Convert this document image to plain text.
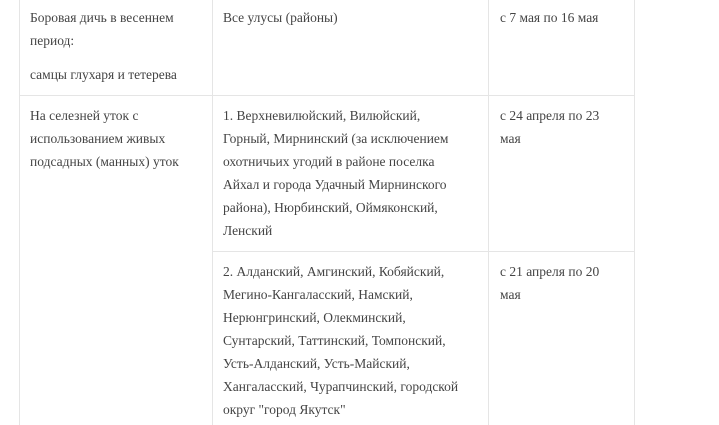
Боровая дичь в весеннем
период:
самцы глухаря и тетерева
Все улусы (районы)	с 7 мая по 16 мая
На селезней уток с
использованием живых
подсадных (манных) уток
1. Верхневилюйский, Вилюйский,
Горный, Мирнинский (за исключением
охотничьих угодий в районе поселка
Айхал и города Удачный Мирнинского
района), Нюрбинский, Оймяконский,
Ленский
с 24 апреля по 23
мая
2. Алданский, Амгинский, Кобяйский,
Мегино-Кангаласский, Намский,
Нерюнгринский, Олекминский,
Сунтарский, Таттинский, Томпонский,
Усть-Алданский, Усть-Майский,
Хангаласский, Чурапчинский, городской
округ "город Якутск"
с 21 апреля по 20
мая
